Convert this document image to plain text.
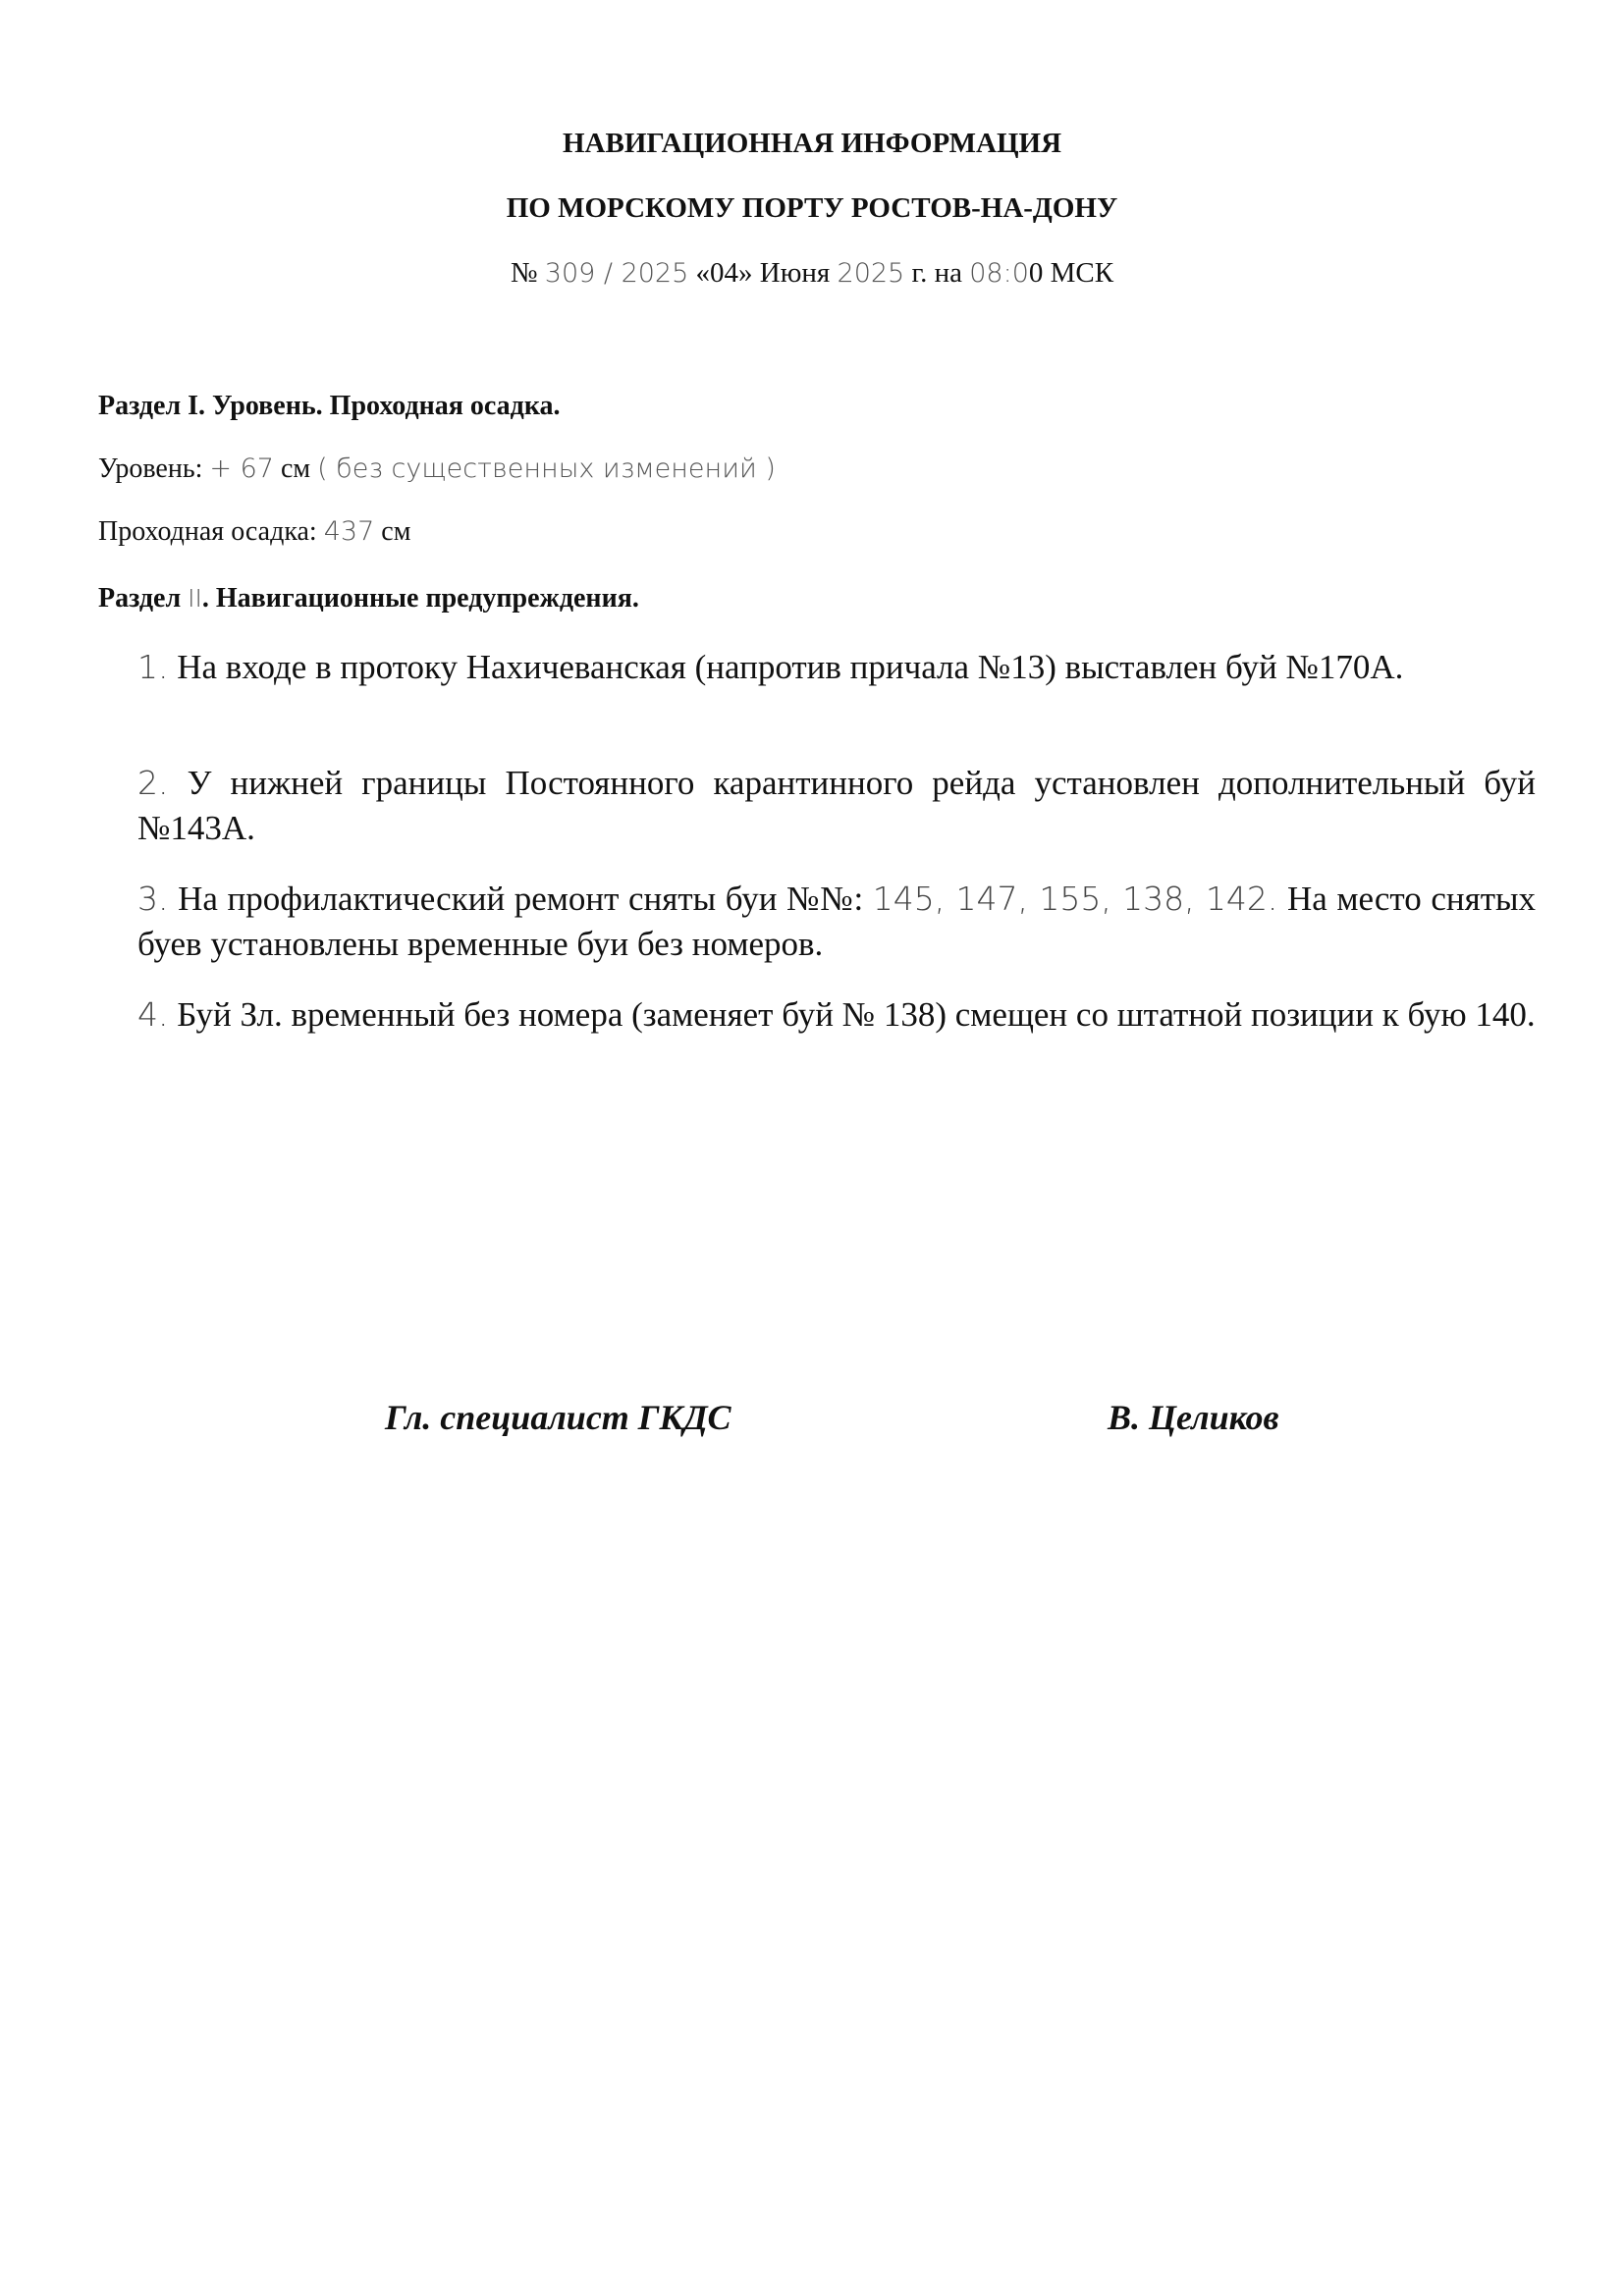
НАВИГАЦИОННАЯ ИНФОРМАЦИЯ
ПО МОРСКОМУ ПОРТУ РОСТОВ-НА-ДОНУ
№ 309 / 2025 «04» Июня 2025 г. на 08:00 МСК
Раздел I. Уровень. Проходная осадка.
Уровень: + 67 см ( без существенных изменений )
Проходная осадка: 437 см
Раздел II. Навигационные предупреждения.
1. На входе в протоку Нахичеванская (напротив причала №13) выставлен буй №170А.
2. У нижней границы Постоянного карантинного рейда установлен дополнительный буй №143А.
3. На профилактический ремонт сняты буи №№: 145, 147, 155, 138, 142. На место снятых буев установлены временные буи без номеров.
4. Буй Зл. временный без номера (заменяет буй № 138) смещен со штатной позиции к бую 140.
Гл. специалист ГКДС	В. Целиков
